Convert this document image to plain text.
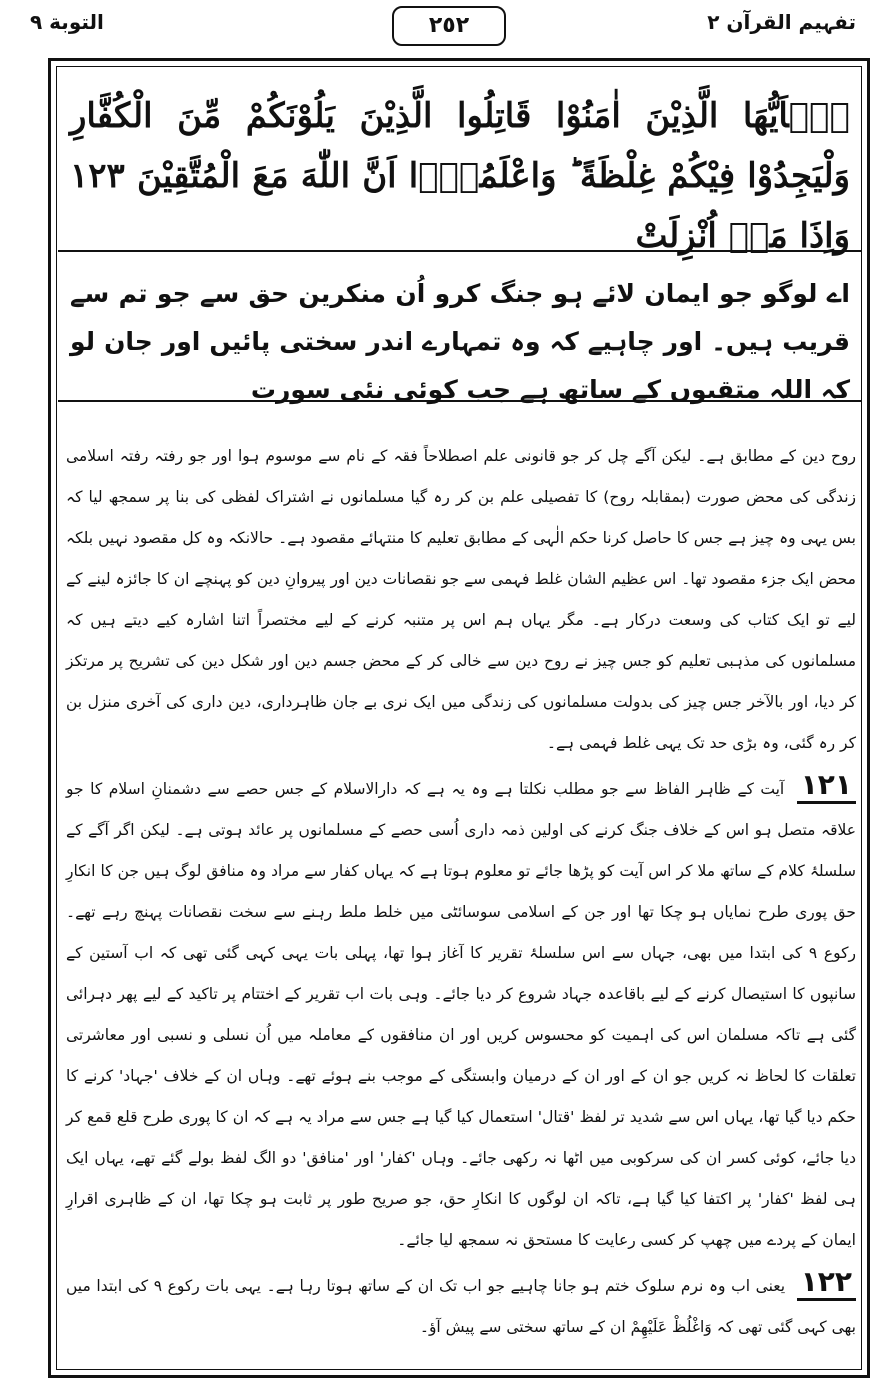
التوبة ٩	٢٥٢	تفہیم القرآن ٢
یٰۤاَیُّهَا الَّذِیْنَ اٰمَنُوْا قَاتِلُوا الَّذِیْنَ یَلُوْنَكُمْ مِّنَ الْكُفَّارِ وَلْیَجِدُوْا فِیْكُمْ غِلْظَةً ؕ وَاعْلَمُوْۤا اَنَّ اللّٰهَ مَعَ الْمُتَّقِیْنَ ۱۲۳ وَاِذَا مَاۤ اُنْزِلَتْ
اے لوگو جو ایمان لائے ہو جنگ کرو اُن منکرین حق سے جو تم سے قریب ہیں۔ اور چاہیے کہ وہ تمہارے اندر سختی پائیں اور جان لو کہ اللہ متقیوں کے ساتھ ہے جب کوئی نئی سورت
روح دین کے مطابق ہے۔ لیکن آگے چل کر جو قانونی علم اصطلاحاً فقہ کے نام سے موسوم ہوا اور جو رفتہ رفتہ اسلامی زندگی کی محض صورت (بمقابلہ روح) کا تفصیلی علم بن کر رہ گیا مسلمانوں نے اشتراک لفظی کی بنا پر سمجھ لیا کہ بس یہی وہ چیز ہے جس کا حاصل کرنا حکم الٰہی کے مطابق تعلیم کا منتہائے مقصود ہے۔ حالانکہ وہ کل مقصود نہیں بلکہ محض ایک جزء مقصود تھا۔ اس عظیم الشان غلط فہمی سے جو نقصانات دین اور پیروانِ دین کو پہنچے ان کا جائزہ لینے کے لیے تو ایک کتاب کی وسعت درکار ہے۔ مگر یہاں ہم اس پر متنبہ کرنے کے لیے مختصراً اتنا اشارہ کیے دیتے ہیں کہ مسلمانوں کی مذہبی تعلیم کو جس چیز نے روح دین سے خالی کر کے محض جسم دین اور شکل دین کی تشریح پر مرتکز کر دیا، اور بالآخر جس چیز کی بدولت مسلمانوں کی زندگی میں ایک نری بے جان ظاہرداری، دین داری کی آخری منزل بن کر رہ گئی، وہ بڑی حد تک یہی غلط فہمی ہے۔
۱۲۱ آیت کے ظاہر الفاظ سے جو مطلب نکلتا ہے وہ یہ ہے کہ دارالاسلام کے جس حصے سے دشمنانِ اسلام کا جو علاقہ متصل ہو اس کے خلاف جنگ کرنے کی اولین ذمہ داری اُسی حصے کے مسلمانوں پر عائد ہوتی ہے۔ لیکن اگر آگے کے سلسلۂ کلام کے ساتھ ملا کر اس آیت کو پڑھا جائے تو معلوم ہوتا ہے کہ یہاں کفار سے مراد وہ منافق لوگ ہیں جن کا انکارِ حق پوری طرح نمایاں ہو چکا تھا اور جن کے اسلامی سوسائٹی میں خلط ملط رہنے سے سخت نقصانات پہنچ رہے تھے۔ رکوع ۹ کی ابتدا میں بھی، جہاں سے اس سلسلۂ تقریر کا آغاز ہوا تھا، پہلی بات یہی کہی گئی تھی کہ اب آستین کے سانپوں کا استیصال کرنے کے لیے باقاعدہ جہاد شروع کر دیا جائے۔ وہی بات اب تقریر کے اختتام پر تاکید کے لیے پھر دہرائی گئی ہے تاکہ مسلمان اس کی اہمیت کو محسوس کریں اور ان منافقوں کے معاملہ میں اُن نسلی و نسبی اور معاشرتی تعلقات کا لحاظ نہ کریں جو ان کے اور ان کے درمیان وابستگی کے موجب بنے ہوئے تھے۔ وہاں ان کے خلاف 'جہاد' کرنے کا حکم دیا گیا تھا، یہاں اس سے شدید تر لفظ 'قتال' استعمال کیا گیا ہے جس سے مراد یہ ہے کہ ان کا پوری طرح قلع قمع کر دیا جائے، کوئی کسر ان کی سرکوبی میں اٹھا نہ رکھی جائے۔ وہاں 'کفار' اور 'منافق' دو الگ لفظ بولے گئے تھے، یہاں ایک ہی لفظ 'کفار' پر اکتفا کیا گیا ہے، تاکہ ان لوگوں کا انکارِ حق، جو صریح طور پر ثابت ہو چکا تھا، ان کے ظاہری اقرارِ ایمان کے پردے میں چھپ کر کسی رعایت کا مستحق نہ سمجھ لیا جائے۔
۱۲۲ یعنی اب وہ نرم سلوک ختم ہو جانا چاہیے جو اب تک ان کے ساتھ ہوتا رہا ہے۔ یہی بات رکوع ۹ کی ابتدا میں بھی کہی گئی تھی کہ وَاغْلُظْ عَلَیْهِمْ ان کے ساتھ سختی سے پیش آؤ۔
